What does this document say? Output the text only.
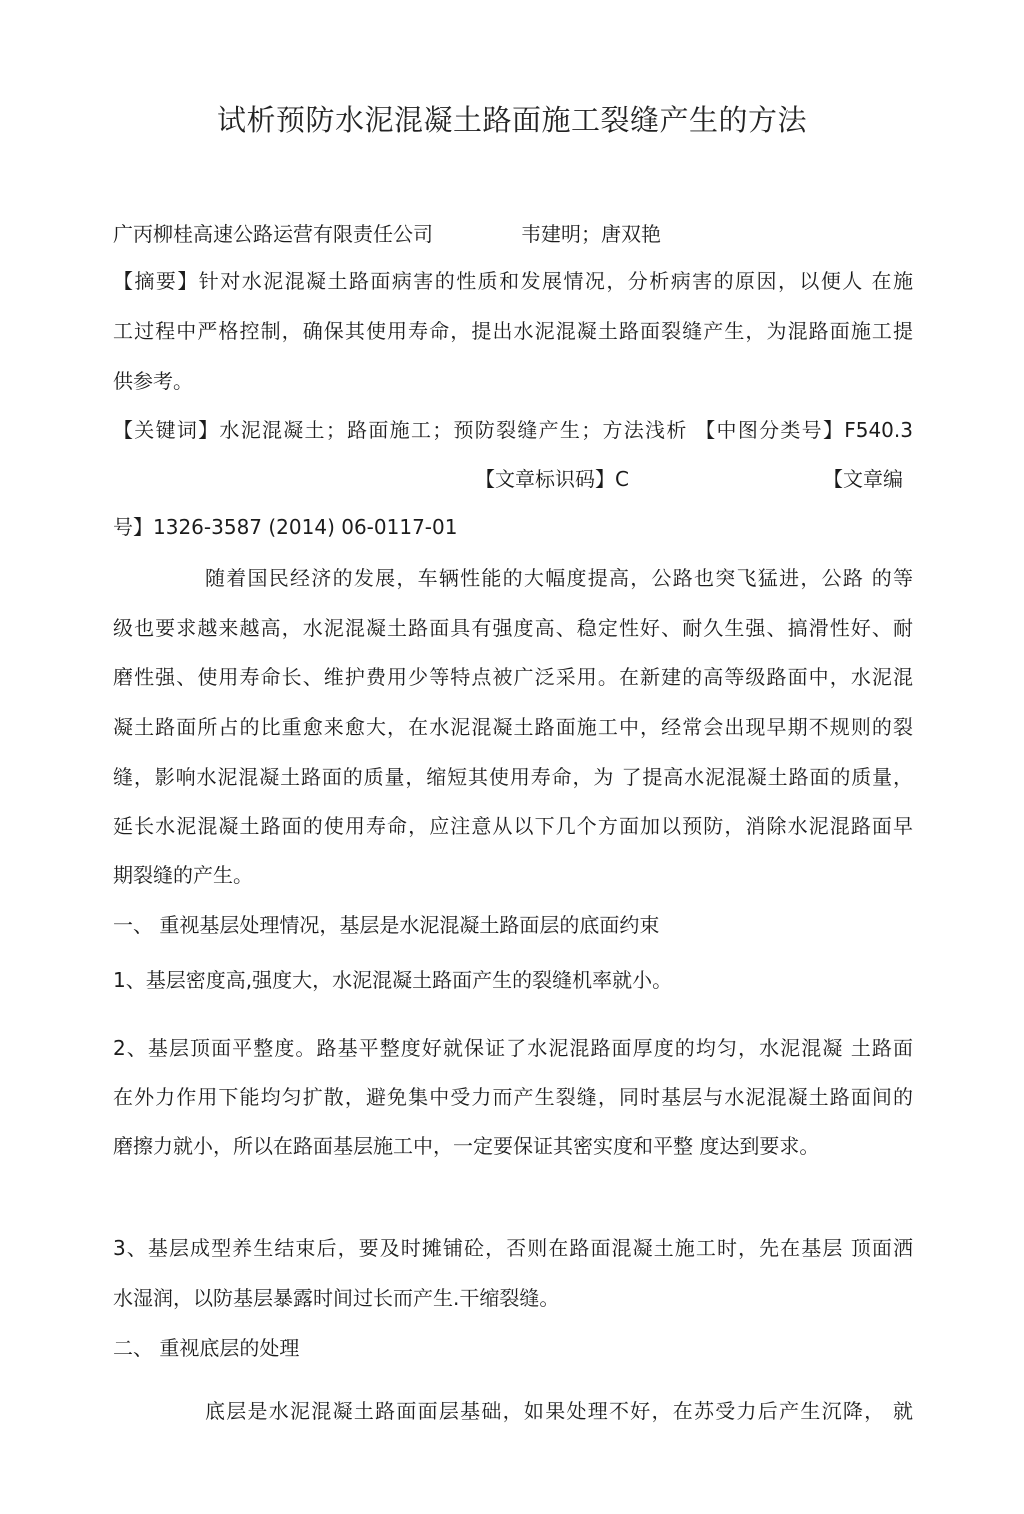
试析预防水泥混凝土路面施工裂缝产生的方法
广丙柳桂高速公路运营有限责任公司	韦建明；唐双艳
【摘要】针对水泥混凝土路面病害的性质和发展情况，分析病害的原因，以便人 在施
工过程中严格控制，确保其使用寿命，提出水泥混凝土路面裂缝产生，为混路面施工提
供参考。
【关键词】水泥混凝土；路面施工；预防裂缝产生；方法浅析 【中图分类号】F540.3
【文章标识码】C	【文章编
号】1326-3587 (2014) 06-0117-01
随着国民经济的发展，车辆性能的大幅度提高，公路也突飞猛进，公路 的等
级也要求越来越高，水泥混凝土路面具有强度高、稳定性好、耐久生强、搞滑性好、耐
磨性强、使用寿命长、维护费用少等特点被广泛采用。在新建的高等级路面中，水泥混
凝土路面所占的比重愈来愈大，在水泥混凝土路面施工中，经常会出现早期不规则的裂
缝，影响水泥混凝土路面的质量，缩短其使用寿命，为 了提高水泥混凝土路面的质量，
延长水泥混凝土路面的使用寿命，应注意从以下几个方面加以预防，消除水泥混路面早
期裂缝的产生。
一、 重视基层处理情况，基层是水泥混凝土路面层的底面约束
1、基层密度高,强度大，水泥混凝土路面产生的裂缝机率就小。
2、基层顶面平整度。路基平整度好就保证了水泥混路面厚度的均匀，水泥混凝 土路面
在外力作用下能均匀扩散，避免集中受力而产生裂缝，同时基层与水泥混凝土路面间的
磨擦力就小，所以在路面基层施工中，一定要保证其密实度和平整 度达到要求。
3、基层成型养生结束后，要及时摊铺砼，否则在路面混凝土施工时，先在基层 顶面洒
水湿润，以防基层暴露时间过长而产生.干缩裂缝。
二、 重视底层的处理
底层是水泥混凝土路面面层基础，如果处理不好，在苏受力后产生沉降， 就
